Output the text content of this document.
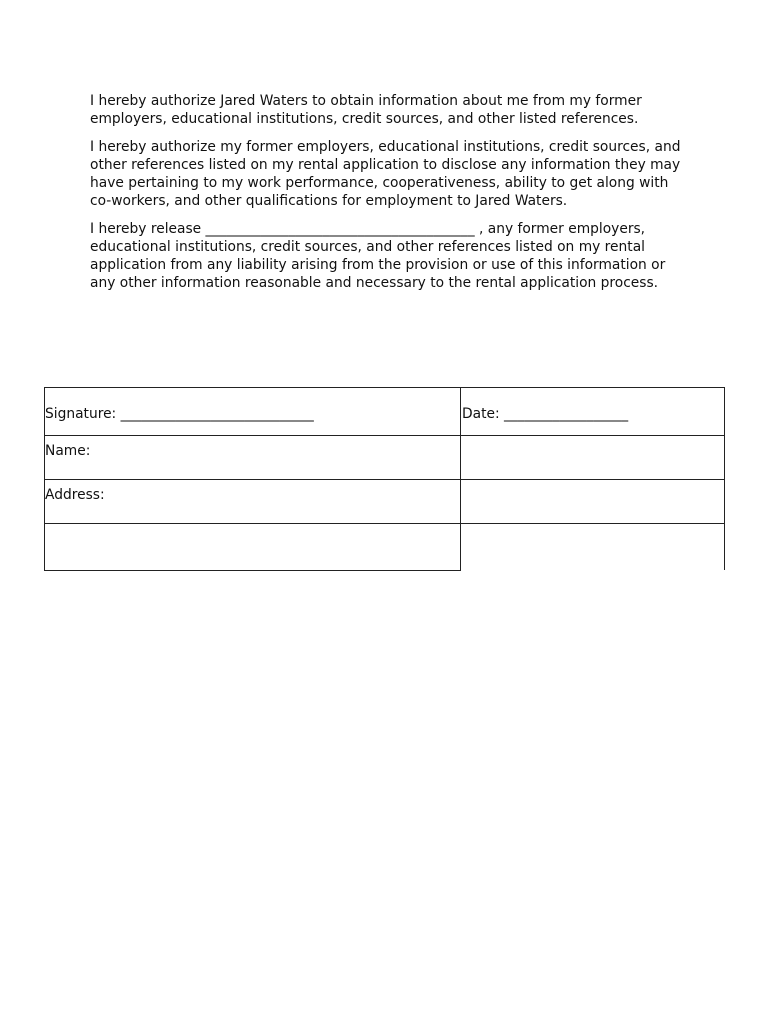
I hereby authorize Jared Waters to obtain information about me from my former employers, educational institutions, credit sources, and other listed references.

I hereby authorize my former employers, educational institutions, credit sources, and other references listed on my rental application to disclose any information they may have pertaining to my work performance, cooperativeness, ability to get along with co-workers, and other qualifications for employment to Jared Waters.

I hereby release _______________________________________ , any former employers, educational institutions, credit sources, and other references listed on my rental application from any liability arising from the provision or use of this information or any other information reasonable and necessary to the rental application process.

Signature: ____________________________	Date: __________________
Name:
Address:
